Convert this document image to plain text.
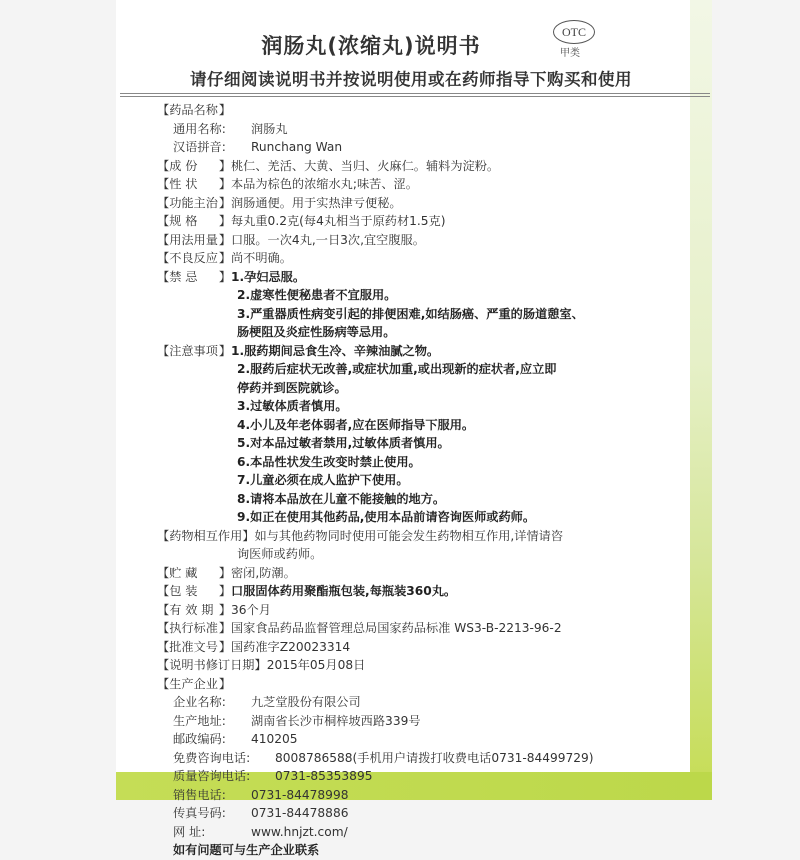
润肠丸(浓缩丸)说明书
OTC
甲类
请仔细阅读说明书并按说明使用或在药师指导下购买和使用
【 药品名称 】
通用名称:	润肠丸
汉语拼音:	Runchang Wan
【 成 份	】 桃仁、羌活、大黄、当归、火麻仁。辅料为淀粉。
【 性 状	】 本品为棕色的浓缩水丸;味苦、涩。
【 功能主治 】 润肠通便。用于实热津亏便秘。
【 规 格	】 每丸重0.2克(每4丸相当于原药材1.5克)
【 用法用量 】 口服。一次4丸,一日3次,宜空腹服。
【 不良反应 】 尚不明确。
【 禁 忌	】 1.孕妇忌服。
2.虚寒性便秘患者不宜服用。
3.严重器质性病变引起的排便困难,如结肠癌、严重的肠道憩室、
肠梗阻及炎症性肠病等忌用。
【 注意事项 】 1.服药期间忌食生冷、辛辣油腻之物。
2.服药后症状无改善,或症状加重,或出现新的症状者,应立即
停药并到医院就诊。
3.过敏体质者慎用。
4.小儿及年老体弱者,应在医师指导下服用。
5.对本品过敏者禁用,过敏体质者慎用。
6.本品性状发生改变时禁止使用。
7.儿童必须在成人监护下使用。
8.请将本品放在儿童不能接触的地方。
9.如正在使用其他药品,使用本品前请咨询医师或药师。
【 药物相互作用 】 如与其他药物同时使用可能会发生药物相互作用,详情请咨
询医师或药师。
【 贮 藏	】 密闭,防潮。
【 包 装	】 口服固体药用聚酯瓶包装,每瓶装360丸。
【 有 效 期 】 36个月
【 执行标准 】 国家食品药品监督管理总局国家药品标准 WS3-B-2213-96-2
【 批准文号 】 国药准字Z20023314
【 说明书修订日期 】 2015年05月08日
【 生产企业 】
企业名称:	九芝堂股份有限公司
生产地址:	湖南省长沙市桐梓坡西路339号
邮政编码:	410205
免费咨询电话:	8008786588(手机用户请拨打收费电话0731-84499729)
质量咨询电话:	0731-85353895
销售电话:	0731-84478998
传真号码:	0731-84478886
网 址:	www.hnjzt.com/
如有问题可与生产企业联系
